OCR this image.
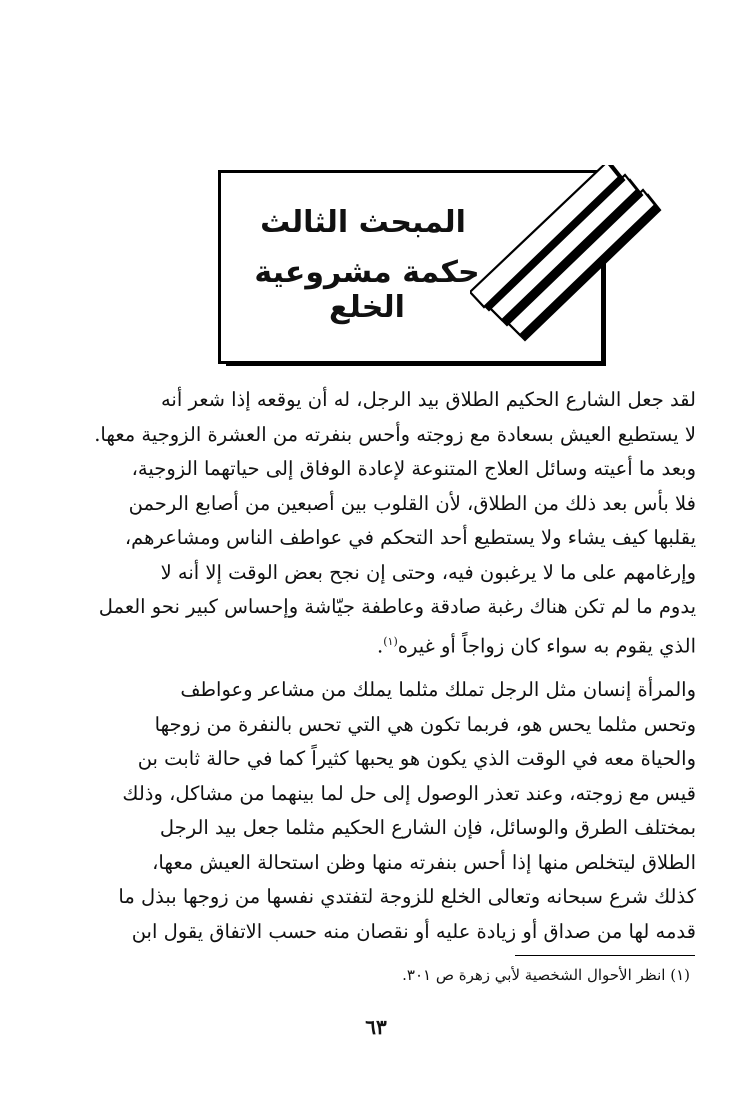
المبحث الثالث
حكمة مشروعية الخلع

لقد جعل الشارع الحكيم الطلاق بيد الرجل، له أن يوقعه إذا شعر أنه

لا يستطيع العيش بسعادة مع زوجته وأحس بنفرته من العشرة الزوجية معها.

وبعد ما أعيته وسائل العلاج المتنوعة لإعادة الوفاق إلى حياتهما الزوجية،

فلا بأس بعد ذلك من الطلاق، لأن القلوب بين أصبعين من أصابع الرحمن

يقلبها كيف يشاء ولا يستطيع أحد التحكم في عواطف الناس ومشاعرهم،

وإرغامهم على ما لا يرغبون فيه، وحتى إن نجح بعض الوقت إلا أنه لا

يدوم ما لم تكن هناك رغبة صادقة وعاطفة جيّاشة وإحساس كبير نحو العمل

الذي يقوم به سواء كان زواجاً أو غيره$^{(١)}$.

والمرأة إنسان مثل الرجل تملك مثلما يملك من مشاعر وعواطف

وتحس مثلما يحس هو، فربما تكون هي التي تحس بالنفرة من زوجها

والحياة معه في الوقت الذي يكون هو يحبها كثيراً كما في حالة ثابت بن

قيس مع زوجته، وعند تعذر الوصول إلى حل لما بينهما من مشاكل، وذلك

بمختلف الطرق والوسائل، فإن الشارع الحكيم مثلما جعل بيد الرجل

الطلاق ليتخلص منها إذا أحس بنفرته منها وظن استحالة العيش معها،

كذلك شرع سبحانه وتعالى الخلع للزوجة لتفتدي نفسها من زوجها ببذل ما

قدمه لها من صداق أو زيادة عليه أو نقصان منه حسب الاتفاق يقول ابن

(١) انظر الأحوال الشخصية لأبي زهرة ص ٣٠١.
٦٣
